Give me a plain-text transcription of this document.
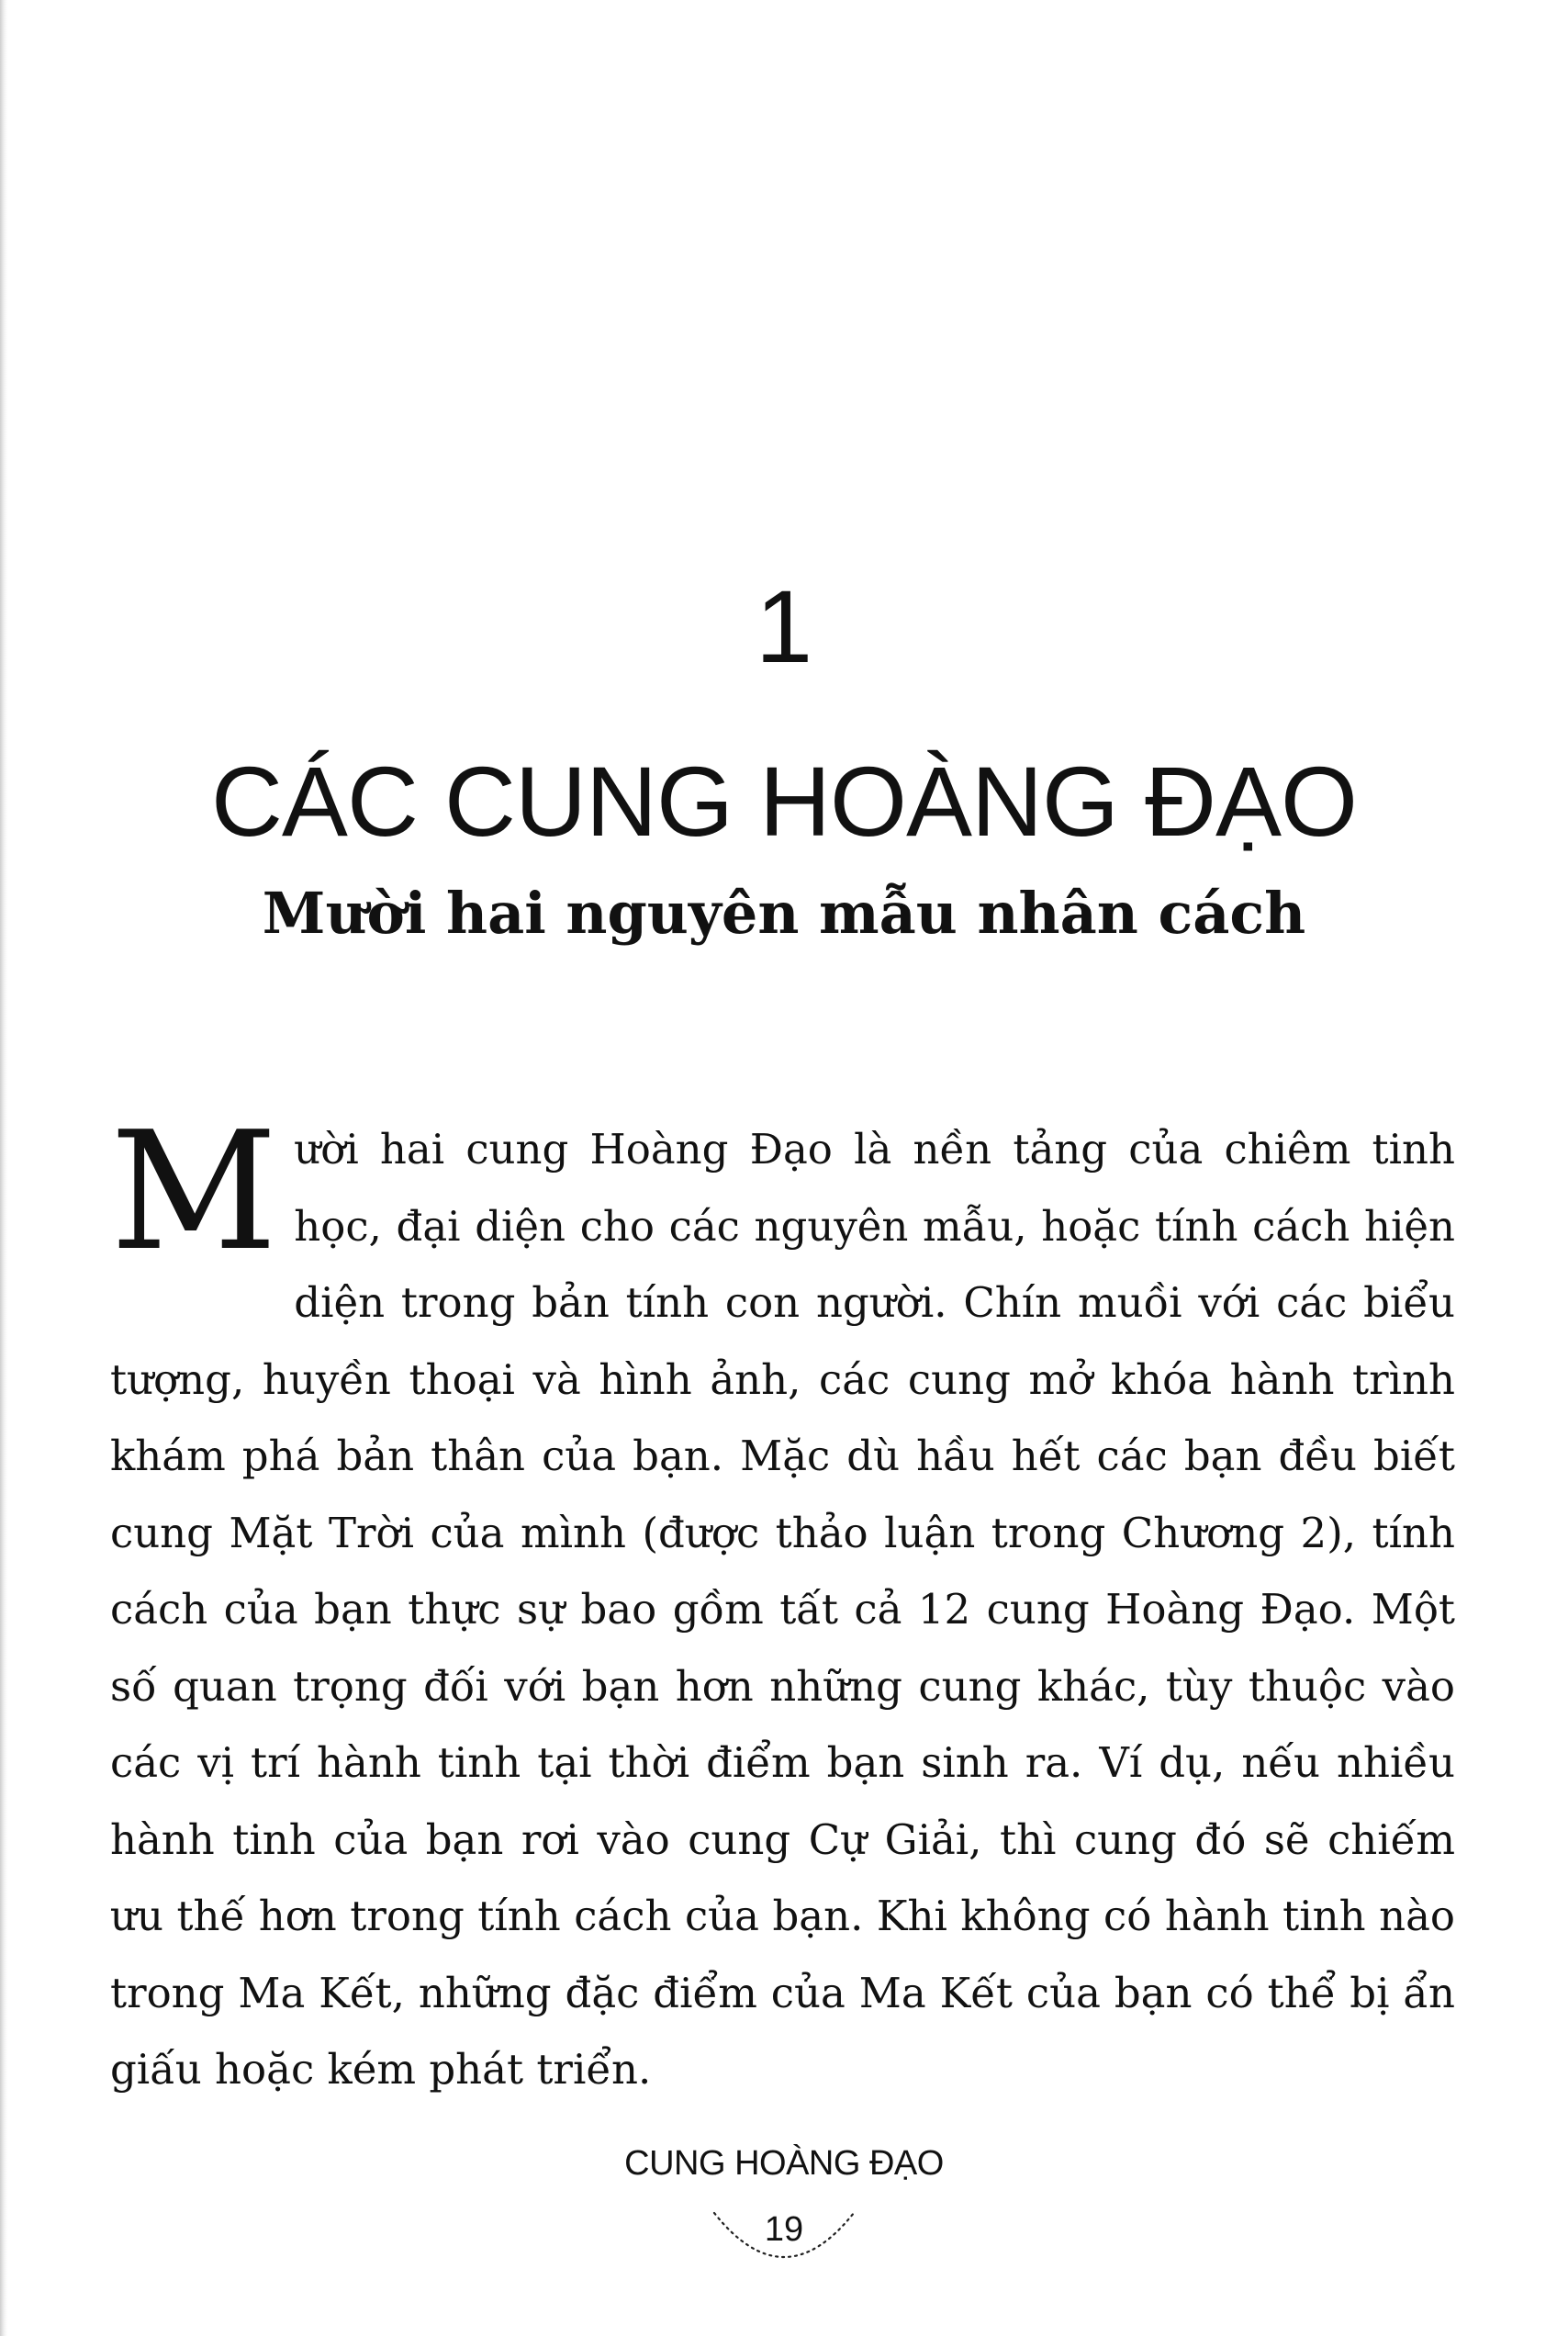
1
CÁC CUNG HOÀNG ĐẠO
Mười hai nguyên mẫu nhân cách
Mười hai cung Hoàng Đạo là nền tảng của chiêm tinh học, đại diện cho các nguyên mẫu, hoặc tính cách hiện diện trong bản tính con người. Chín muồi với các biểu tượng, huyền thoại và hình ảnh, các cung mở khóa hành trình khám phá bản thân của bạn. Mặc dù hầu hết các bạn đều biết cung Mặt Trời của mình (được thảo luận trong Chương 2), tính cách của bạn thực sự bao gồm tất cả 12 cung Hoàng Đạo. Một số quan trọng đối với bạn hơn những cung khác, tùy thuộc vào các vị trí hành tinh tại thời điểm bạn sinh ra. Ví dụ, nếu nhiều hành tinh của bạn rơi vào cung Cự Giải, thì cung đó sẽ chiếm ưu thế hơn trong tính cách của bạn. Khi không có hành tinh nào trong Ma Kết, những đặc điểm của Ma Kết của bạn có thể bị ẩn giấu hoặc kém phát triển.
CUNG HOÀNG ĐẠO
19
